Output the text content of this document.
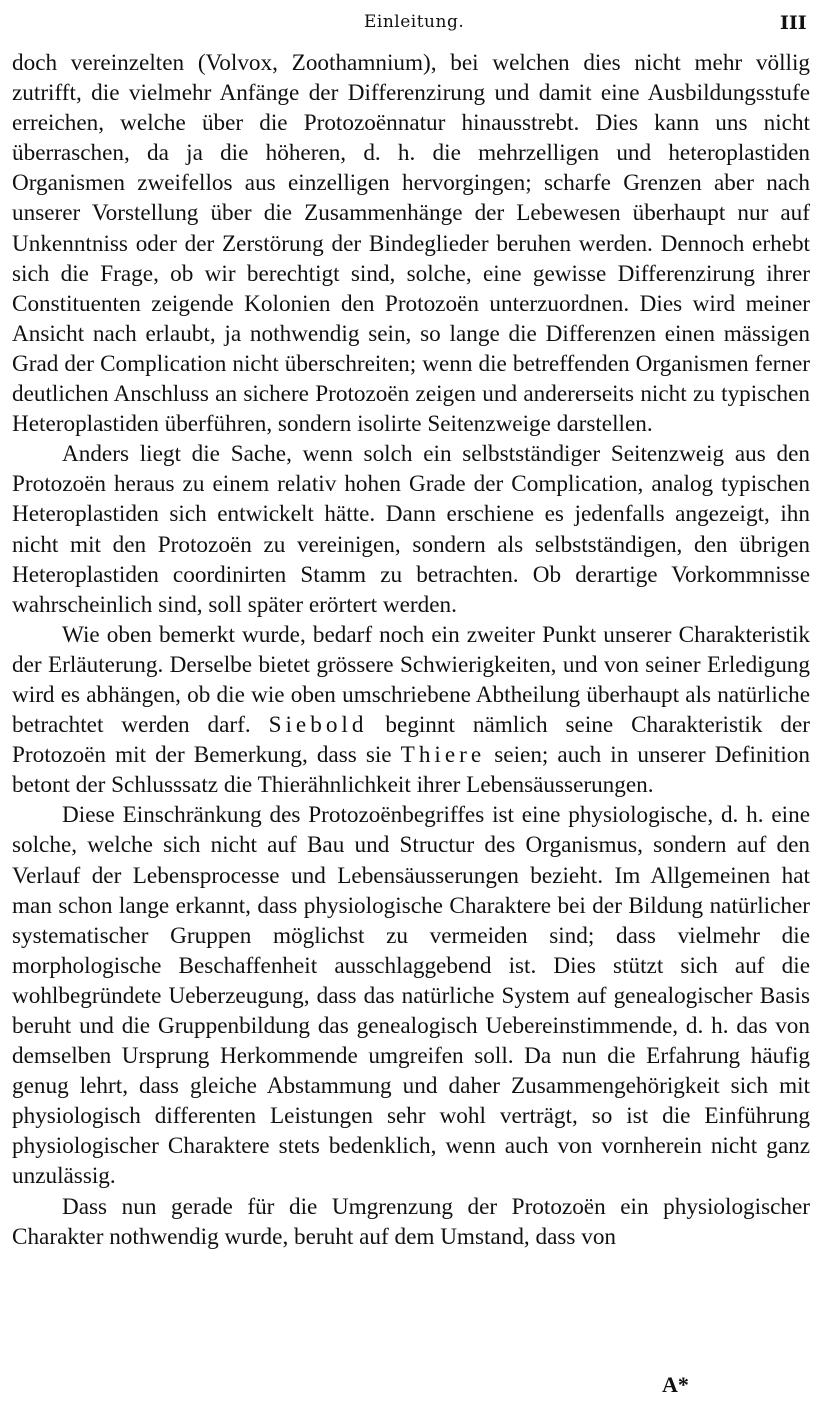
Einleitung.	III

doch vereinzelten (Volvox, Zoothamnium), bei welchen dies nicht mehr völlig zutrifft, die vielmehr Anfänge der Differenzirung und damit eine Ausbildungsstufe erreichen, welche über die Protozoënnatur hinausstrebt. Dies kann uns nicht überraschen, da ja die höheren, d. h. die mehrzelligen und heteroplastiden Organismen zweifellos aus einzelligen hervorgingen; scharfe Grenzen aber nach unserer Vorstellung über die Zusammenhänge der Lebewesen überhaupt nur auf Unkenntniss oder der Zerstörung der Bindeglieder beruhen werden. Dennoch erhebt sich die Frage, ob wir berechtigt sind, solche, eine gewisse Differenzirung ihrer Constituenten zeigende Kolonien den Protozoën unterzuordnen. Dies wird meiner Ansicht nach erlaubt, ja nothwendig sein, so lange die Differenzen einen mässigen Grad der Complication nicht überschreiten; wenn die betreffenden Organismen ferner deutlichen Anschluss an sichere Protozoën zeigen und andererseits nicht zu typischen Heteroplastiden überführen, sondern isolirte Seitenzweige darstellen.

Anders liegt die Sache, wenn solch ein selbstständiger Seitenzweig aus den Protozoën heraus zu einem relativ hohen Grade der Complication, analog typischen Heteroplastiden sich entwickelt hätte. Dann erschiene es jedenfalls angezeigt, ihn nicht mit den Protozoën zu vereinigen, sondern als selbstständigen, den übrigen Heteroplastiden coordinirten Stamm zu betrachten. Ob derartige Vorkommnisse wahrscheinlich sind, soll später erörtert werden.

Wie oben bemerkt wurde, bedarf noch ein zweiter Punkt unserer Charakteristik der Erläuterung. Derselbe bietet grössere Schwierigkeiten, und von seiner Erledigung wird es abhängen, ob die wie oben umschriebene Abtheilung überhaupt als natürliche betrachtet werden darf. Siebold beginnt nämlich seine Charakteristik der Protozoën mit der Bemerkung, dass sie Thiere seien; auch in unserer Definition betont der Schlusssatz die Thierähnlichkeit ihrer Lebensäusserungen.

Diese Einschränkung des Protozoënbegriffes ist eine physiologische, d. h. eine solche, welche sich nicht auf Bau und Structur des Organismus, sondern auf den Verlauf der Lebensprocesse und Lebensäusserungen bezieht. Im Allgemeinen hat man schon lange erkannt, dass physiologische Charaktere bei der Bildung natürlicher systematischer Gruppen möglichst zu vermeiden sind; dass vielmehr die morphologische Beschaffenheit ausschlaggebend ist. Dies stützt sich auf die wohlbegründete Ueberzeugung, dass das natürliche System auf genealogischer Basis beruht und die Gruppenbildung das genealogisch Uebereinstimmende, d. h. das von demselben Ursprung Herkommende umgreifen soll. Da nun die Erfahrung häufig genug lehrt, dass gleiche Abstammung und daher Zusammengehörigkeit sich mit physiologisch differenten Leistungen sehr wohl verträgt, so ist die Einführung physiologischer Charaktere stets bedenklich, wenn auch von vornherein nicht ganz unzulässig.

Dass nun gerade für die Umgrenzung der Protozoën ein physiologischer Charakter nothwendig wurde, beruht auf dem Umstand, dass von

A*
